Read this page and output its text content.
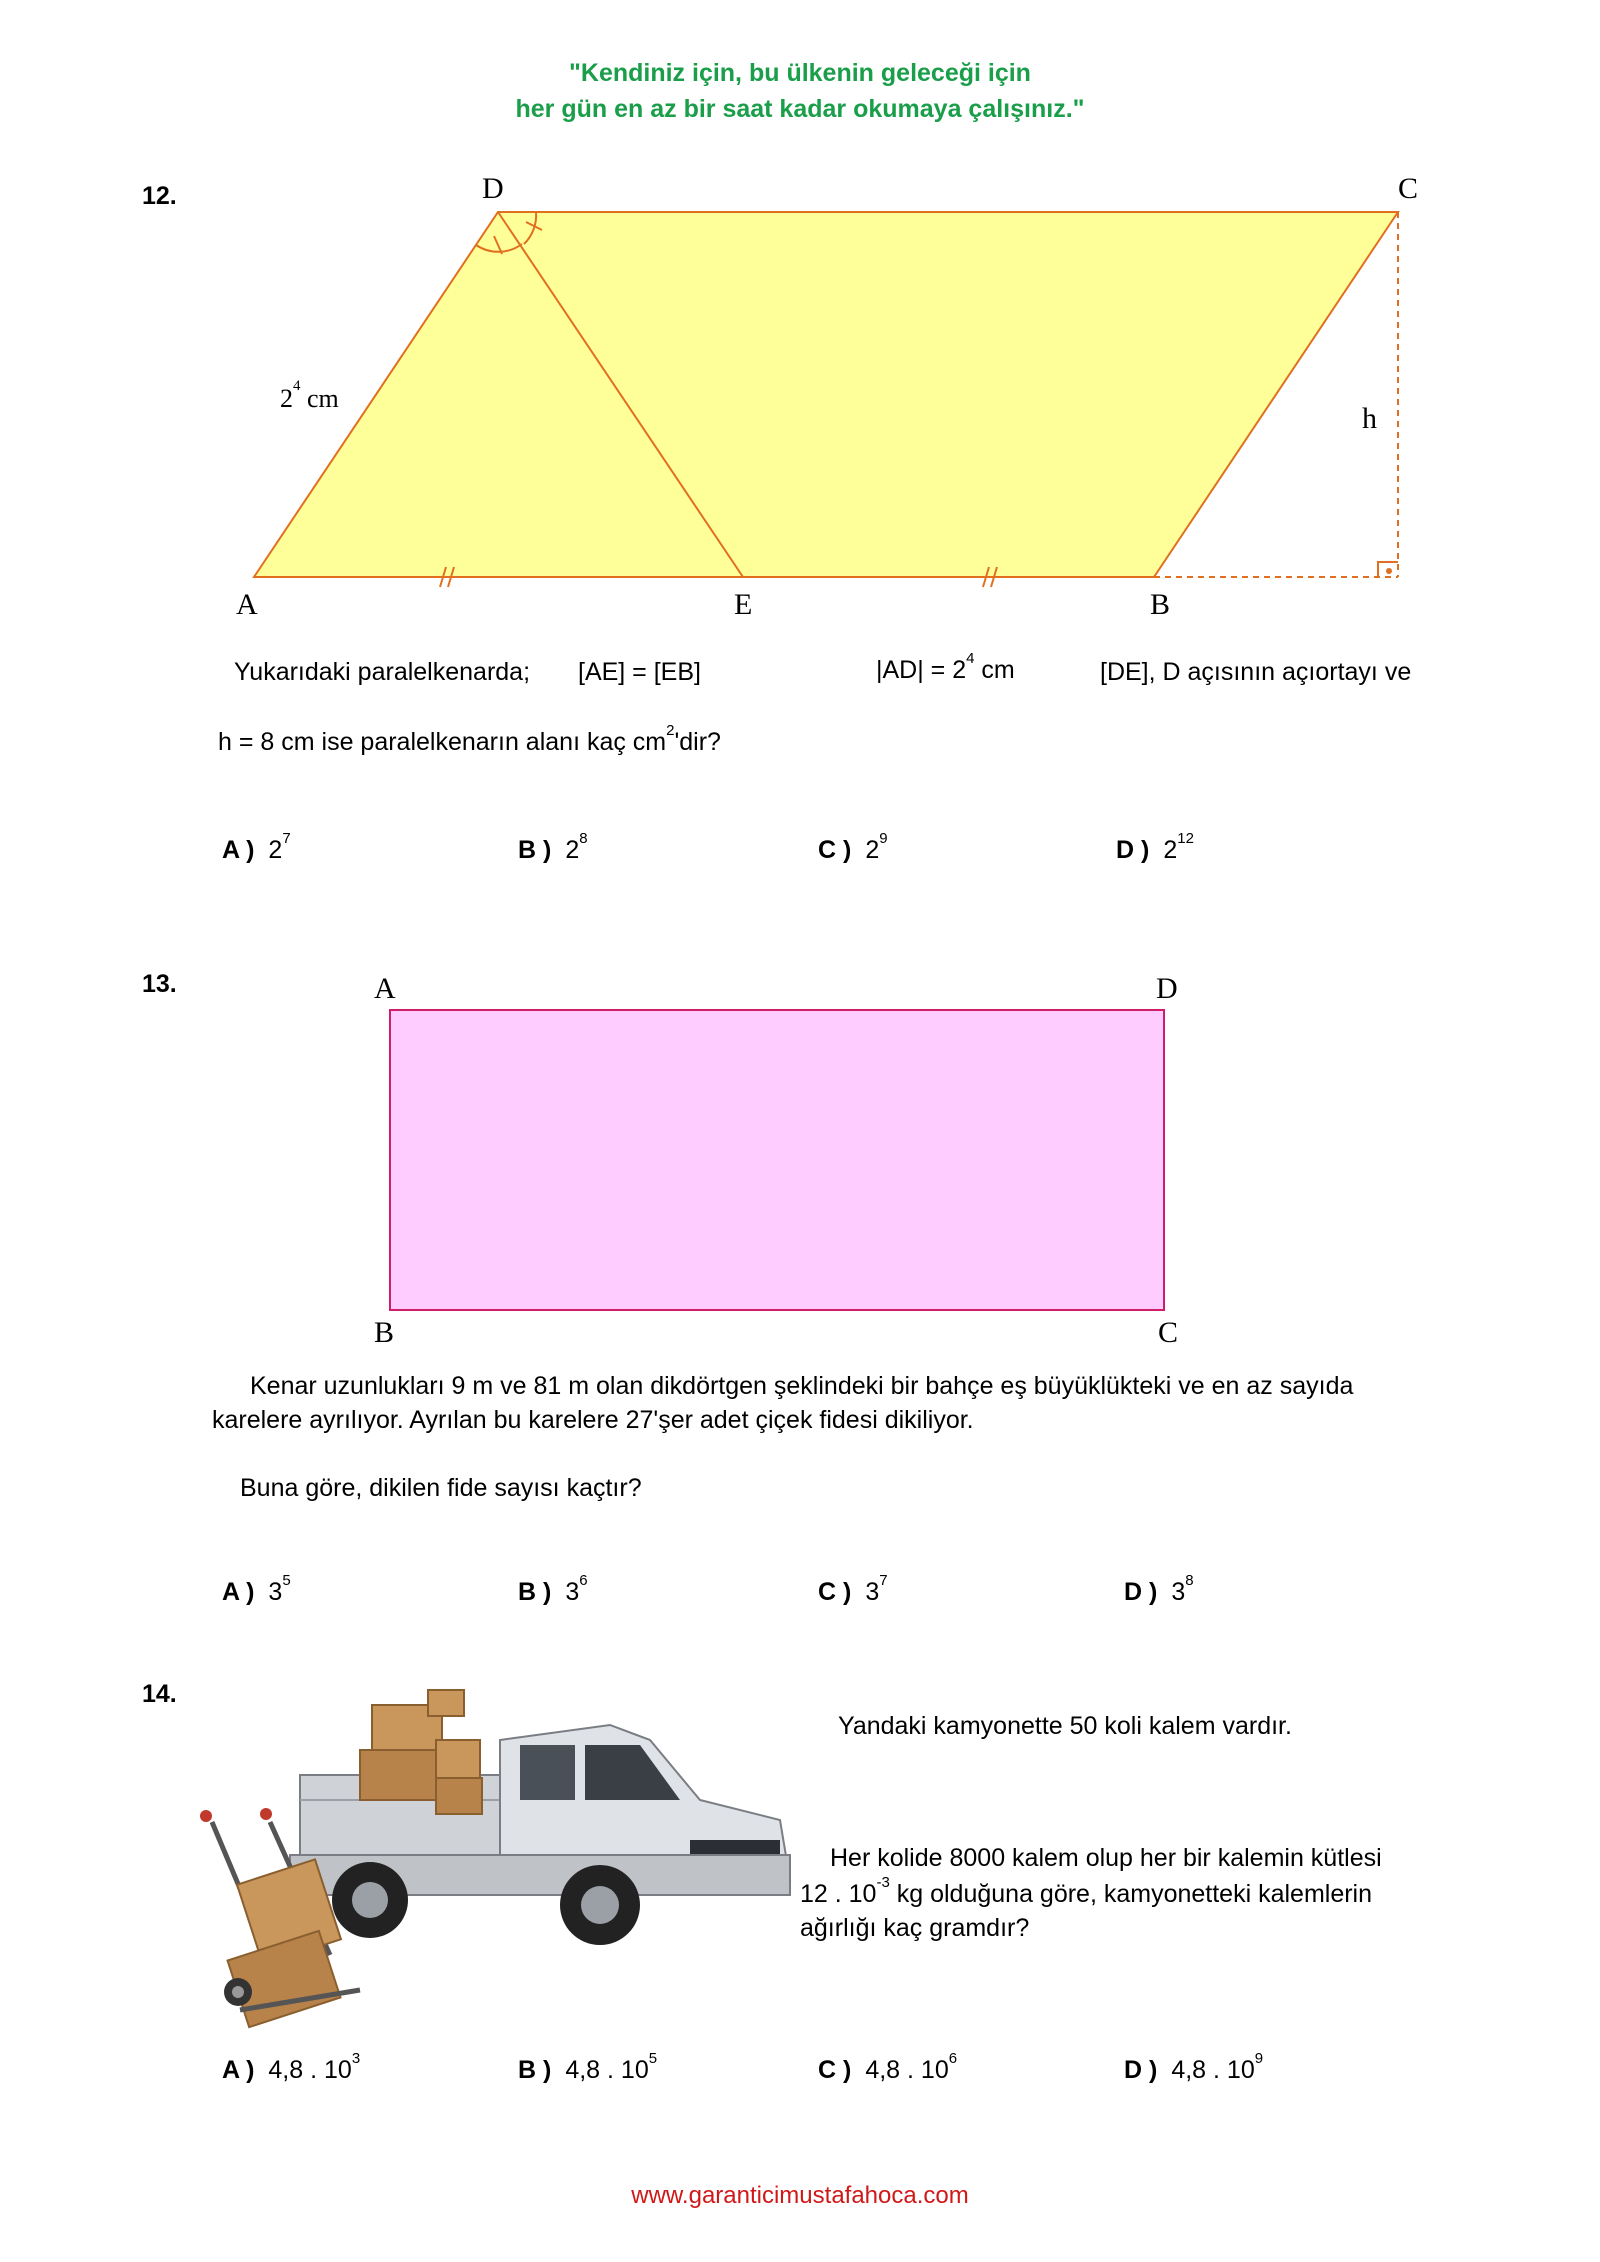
"Kendiniz için, bu ülkenin geleceği için
her gün en az bir saat kadar okumaya çalışınız."
12.	D	C
A	E	B
h
$2^4$ cm
Yukarıdaki paralelkenarda; [AE] = [EB]	$|AD| = 2^4$ cm	[DE], D açısının açıortayı ve
h = 8 cm ise paralelkenarın alanı kaç $cm^2'dir$?
A ) $2^7$	B ) $2^8$	C ) $2^9$	D ) $2^{12}$
13.	A	D
B	C
Kenar uzunlukları 9 m ve 81 m olan dikdörtgen şeklindeki bir bahçe eş büyüklükteki ve en az sayıda
karelere ayrılıyor. Ayrılan bu karelere 27'şer adet çiçek fidesi dikiliyor.
Buna göre, dikilen fide sayısı kaçtır?
A ) $3^5$	B ) $3^6$	C ) $3^7$	D ) $3^8$
14.
Yandaki kamyonette 50 koli kalem vardır.
Her kolide 8000 kalem olup her bir kalemin kütlesi
12 . $10^{-3}$ kg olduğuna göre, kamyonetteki kalemlerin
ağırlığı kaç gramdır?
A ) 4,8 . $10^3$	B ) 4,8 . $10^5$	C ) 4,8 . $10^6$	D ) 4,8 . $10^9$
www.garanticimustafahoca.com
